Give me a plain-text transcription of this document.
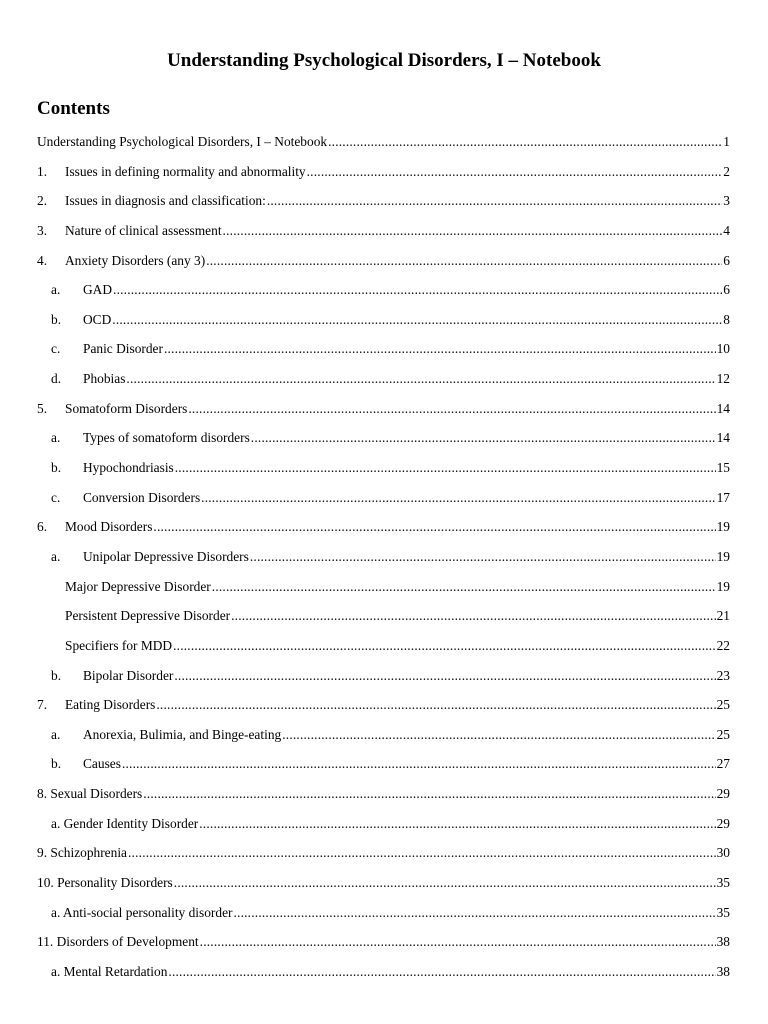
Understanding Psychological Disorders, I – Notebook
Contents
Understanding Psychological Disorders, I – Notebook .....	1
1.	Issues in defining normality and abnormality .....	2
2.	Issues in diagnosis and classification: .....	3
3.	Nature of clinical assessment .....	4
4.	Anxiety Disorders (any 3) .....	6
a.	GAD .....	6
b.	OCD .....	8
c.	Panic Disorder .....	10
d.	Phobias .....	12
5.	Somatoform Disorders .....	14
a.	Types of somatoform disorders .....	14
b.	Hypochondriasis .....	15
c.	Conversion Disorders .....	17
6.	Mood Disorders .....	19
a.	Unipolar Depressive Disorders .....	19
Major Depressive Disorder .....	19
Persistent Depressive Disorder .....	21
Specifiers for MDD .....	22
b.	Bipolar Disorder .....	23
7.	Eating Disorders .....	25
a.	Anorexia, Bulimia, and Binge-eating .....	25
b.	Causes .....	27
8. Sexual Disorders .....	29
a. Gender Identity Disorder .....	29
9. Schizophrenia .....	30
10. Personality Disorders .....	35
a. Anti-social personality disorder .....	35
11. Disorders of Development .....	38
a. Mental Retardation .....	38
